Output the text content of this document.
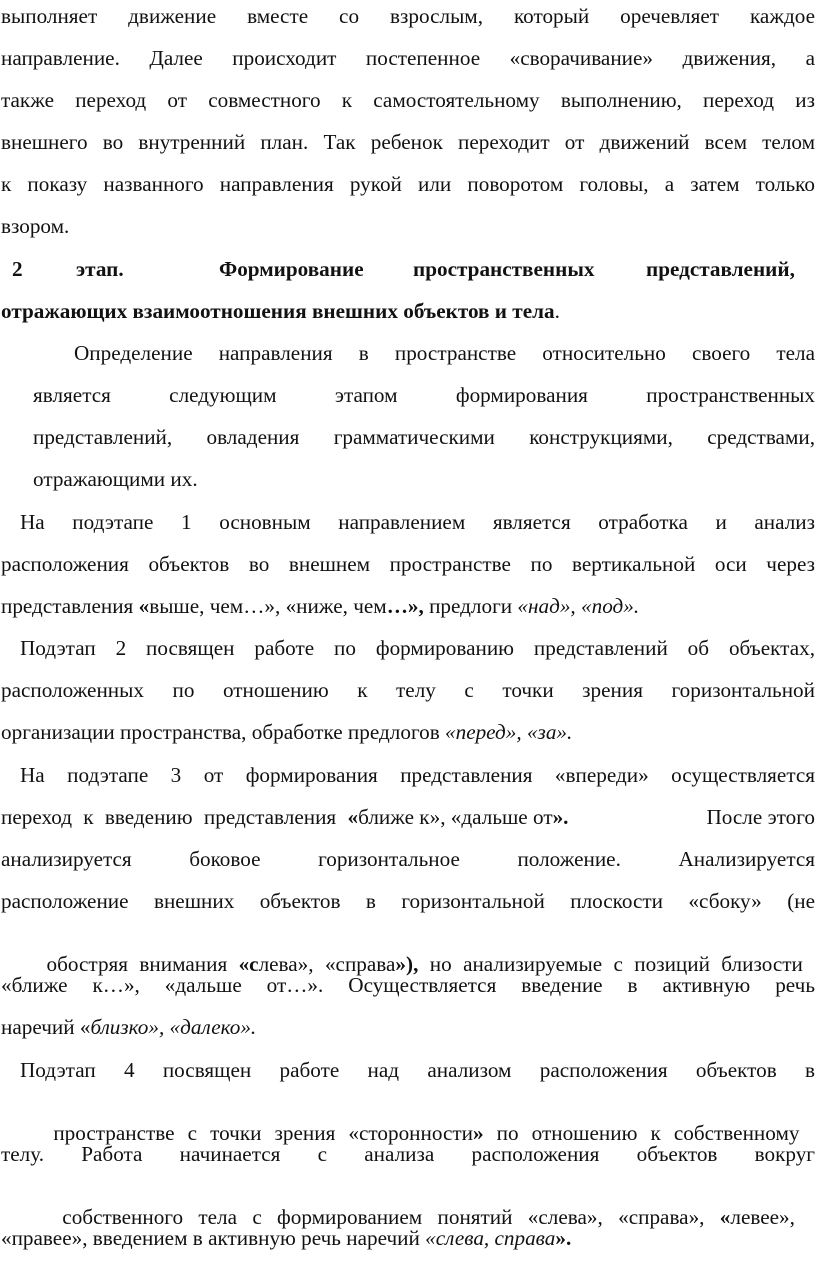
выполняет движение вместе со взрослым, который оречевляет каждое
направление. Далее происходит постепенное «сворачивание» движения, а
также переход от совместного к самостоятельному выполнению, переход из
внешнего во внутренний план. Так ребенок переходит от движений всем телом
к показу названного направления рукой или поворотом головы, а затем только
взором.
2	этап.	Формирование пространственных представлений,
отражающих взаимоотношения внешних объектов и тела.
Определение направления в пространстве относительно своего тела
является следующим этапом формирования пространственных
представлений, овладения грамматическими конструкциями, средствами,
отражающими их.
На подэтапе 1 основным направлением является отработка и анализ
расположения объектов во внешнем пространстве по вертикальной оси через
представления «выше, чем…», «ниже, чем…», предлоги «над», «под».
Подэтап 2 посвящен работе по формированию представлений об объектах,
расположенных по отношению к телу с точки зрения горизонтальной
организации пространства, обработке предлогов «перед», «за».
На подэтапе 3 от формирования представления «впереди» осуществляется
переход к введению представления «ближе к», «дальше от».	После этого
анализируется боковое горизонтальное положение. Анализируется
расположение внешних объектов в горизонтальной плоскости «сбоку» (не

обостряя внимания «слева», «справа»), но анализируемые с позиций близости

«ближе к…», «дальше от…». Осуществляется введение в активную речь
наречий «близко», «далеко».
Подэтап 4 посвящен работе над анализом расположения объектов в

пространстве с точки зрения «сторонности» по отношению к собственному

телу. Работа начинается с анализа расположения объектов вокруг

собственного тела с формированием понятий «слева», «справа», «левее»,

«правее», введением в активную речь наречий «слева, справа».
